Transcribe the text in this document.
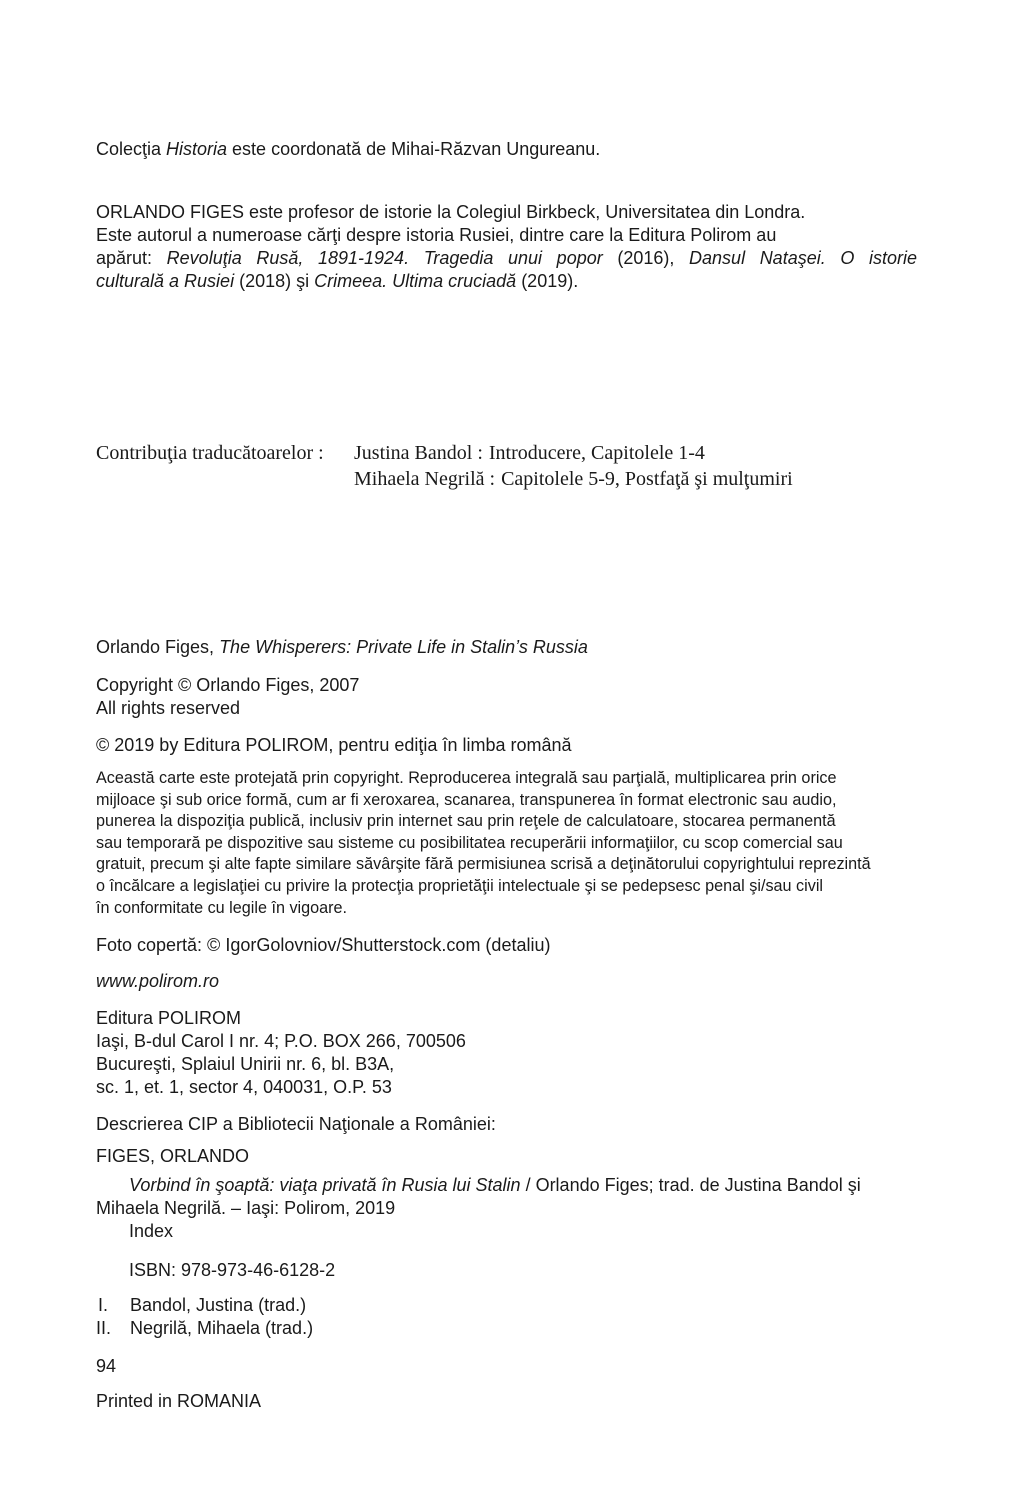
Colecţia Historia este coordonată de Mihai-Răzvan Ungureanu.
ORLANDO FIGES este profesor de istorie la Colegiul Birkbeck, Universitatea din Londra.
Este autorul a numeroase cărţi despre istoria Rusiei, dintre care la Editura Polirom au
apărut: Revoluţia Rusă, 1891-1924. Tragedia unui popor (2016), Dansul Nataşei. O istorie
culturală a Rusiei (2018) şi Crimeea. Ultima cruciadă (2019).
Contribuţia traducătoarelor :	Justina Bandol : Introducere, Capitolele 1-4
Mihaela Negrilă : Capitolele 5-9, Postfaţă şi mulţumiri
Orlando Figes, The Whisperers: Private Life in Stalin’s Russia
Copyright © Orlando Figes, 2007
All rights reserved
© 2019 by Editura POLIROM, pentru ediţia în limba română
Această carte este protejată prin copyright. Reproducerea integrală sau parţială, multiplicarea prin orice
mijloace şi sub orice formă, cum ar fi xeroxarea, scanarea, transpunerea în format electronic sau audio,
punerea la dispoziţia publică, inclusiv prin internet sau prin reţele de calculatoare, stocarea permanentă
sau temporară pe dispozitive sau sisteme cu posibilitatea recuperării informaţiilor, cu scop comercial sau
gratuit, precum şi alte fapte similare săvârşite fără permisiunea scrisă a deţinătorului copyrightului reprezintă
o încălcare a legislaţiei cu privire la protecţia proprietăţii intelectuale şi se pedepsesc penal şi/sau civil
în conformitate cu legile în vigoare.
Foto copertă: © IgorGolovniov/Shutterstock.com (detaliu)
www.polirom.ro
Editura POLIROM
Iaşi, B-dul Carol I nr. 4; P.O. BOX 266, 700506
Bucureşti, Splaiul Unirii nr. 6, bl. B3A,
sc. 1, et. 1, sector 4, 040031, O.P. 53
Descrierea CIP a Bibliotecii Naţionale a României:
FIGES, ORLANDO
Vorbind în şoaptă: viaţa privată în Rusia lui Stalin / Orlando Figes; trad. de Justina Bandol şi
Mihaela Negrilă. – Iaşi: Polirom, 2019
Index
ISBN: 978-973-46-6128-2
I. Bandol, Justina (trad.)
II. Negrilă, Mihaela (trad.)
94
Printed in ROMANIA
